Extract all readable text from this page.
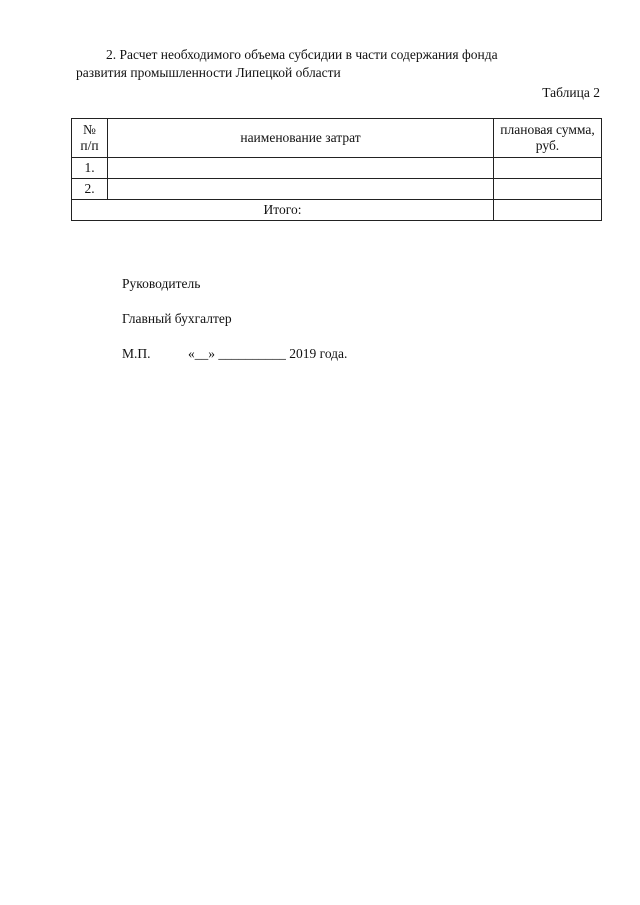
2. Расчет необходимого объема субсидии в части содержания фонда
развития промышленности Липецкой области
Таблица 2
№ п/п	наименование затрат	плановая сумма, руб.
1.		
2.		
Итого:		
Руководитель
Главный бухгалтер
М.П.	«__» __________ 2019 года.
